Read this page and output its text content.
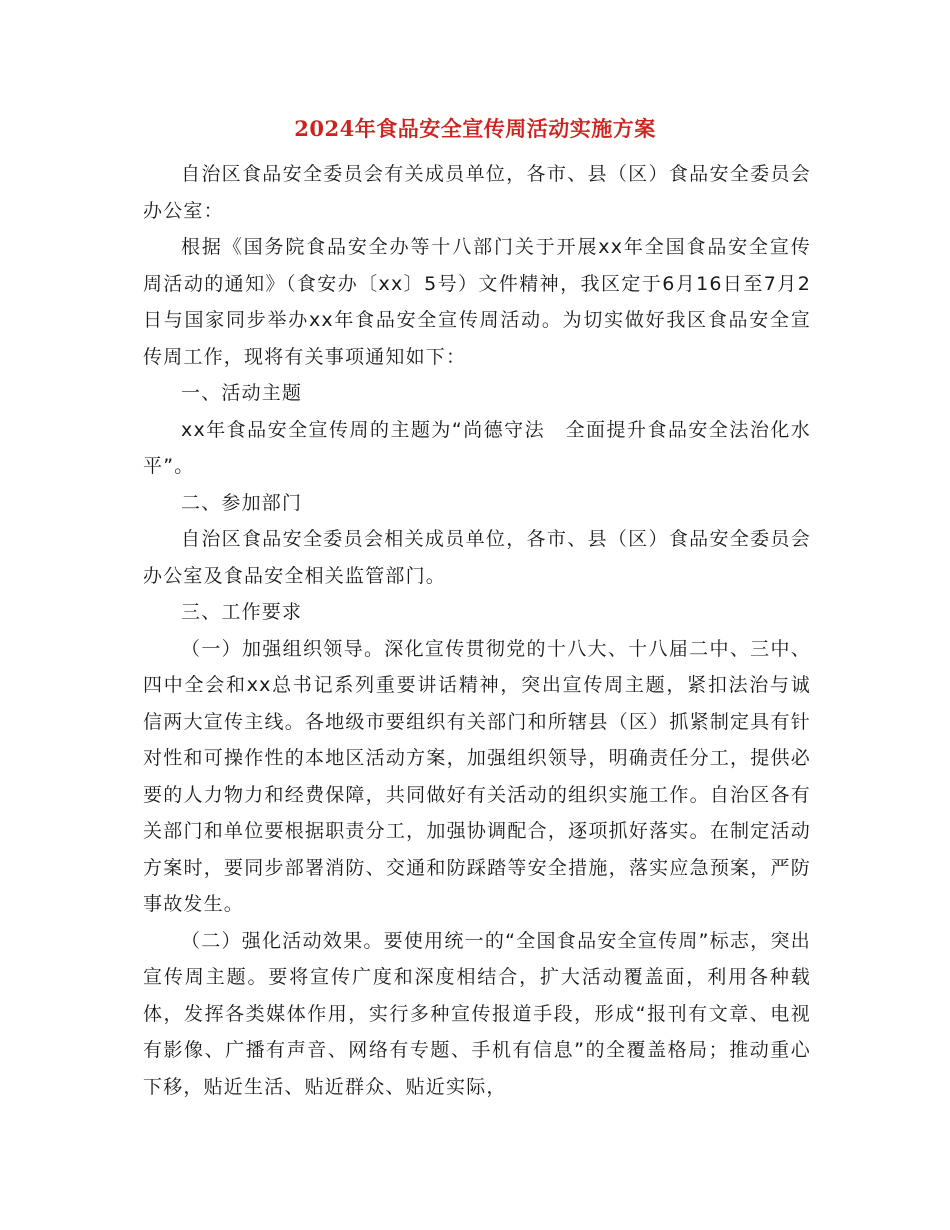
2024年食品安全宣传周活动实施方案

自治区食品安全委员会有关成员单位，各市、县（区）食品安全委员会办公室：

根据《国务院食品安全办等十八部门关于开展xx年全国食品安全宣传周活动的通知》（食安办〔xx〕5号）文件精神，我区定于6月16日至7月2日与国家同步举办xx年食品安全宣传周活动。为切实做好我区食品安全宣传周工作，现将有关事项通知如下：

一、活动主题

xx年食品安全宣传周的主题为“尚德守法　全面提升食品安全法治化水平”。

二、参加部门

自治区食品安全委员会相关成员单位，各市、县（区）食品安全委员会办公室及食品安全相关监管部门。

三、工作要求

（一）加强组织领导。深化宣传贯彻党的十八大、十八届二中、三中、四中全会和xx总书记系列重要讲话精神，突出宣传周主题，紧扣法治与诚信两大宣传主线。各地级市要组织有关部门和所辖县（区）抓紧制定具有针对性和可操作性的本地区活动方案，加强组织领导，明确责任分工，提供必要的人力物力和经费保障，共同做好有关活动的组织实施工作。自治区各有关部门和单位要根据职责分工，加强协调配合，逐项抓好落实。在制定活动方案时，要同步部署消防、交通和防踩踏等安全措施，落实应急预案，严防事故发生。

（二）强化活动效果。要使用统一的“全国食品安全宣传周”标志，突出宣传周主题。要将宣传广度和深度相结合，扩大活动覆盖面，利用各种载体，发挥各类媒体作用，实行多种宣传报道手段，形成“报刊有文章、电视有影像、广播有声音、网络有专题、手机有信息”的全覆盖格局；推动重心下移，贴近生活、贴近群众、贴近实际，
